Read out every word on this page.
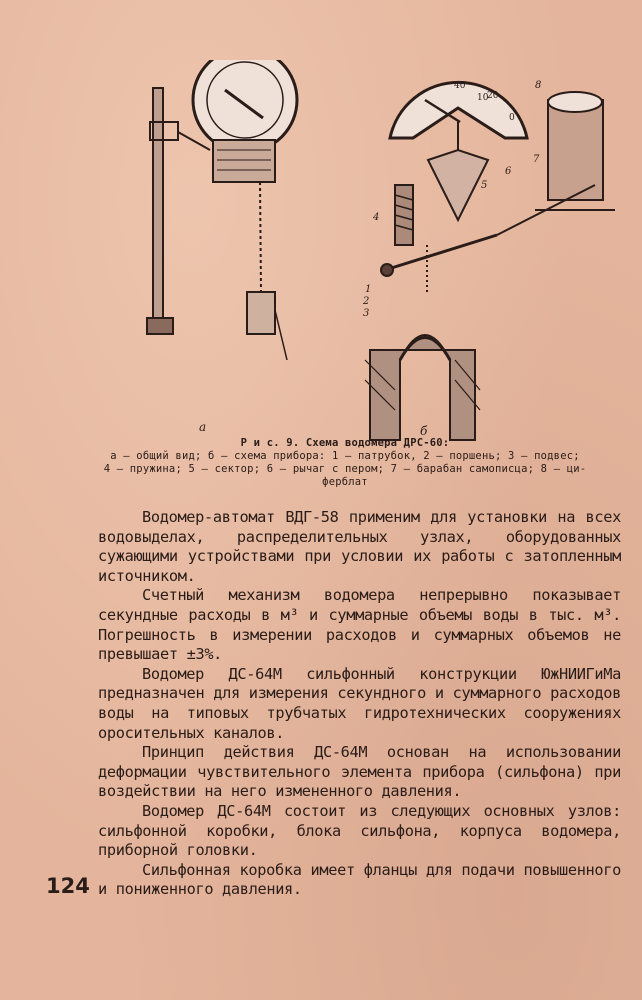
10
40
20
0
1
2
3
4
5
6
7
8
а	б
Р и с. 9. Схема водомера ДРС-60:
а — общий вид; б — схема прибора: 1 — патрубок, 2 — поршень; 3 — подвес;
4 — пружина; 5 — сектор; 6 — рычаг с пером; 7 — барабан самописца; 8 — ци-
ферблат

Водомер-автомат ВДГ-58 применим для установки на всех водовыделах, распределительных узлах, оборудованных сужающими устройствами при условии их работы с затопленным источником.

Счетный механизм водомера непрерывно показывает секундные расходы в м³ и суммарные объемы воды в тыс. м³. Погрешность в измерении расходов и суммарных объемов не превышает ±3%.

Водомер ДС-64М сильфонный конструкции ЮжНИИГиМа предназначен для измерения секундного и суммарного расходов воды на типовых трубчатых гидротехнических сооружениях оросительных каналов.

Принцип действия ДС-64М основан на использовании деформации чувствительного элемента прибора (сильфона) при воздействии на него измененного давления.

Водомер ДС-64М состоит из следующих основных узлов: сильфонной коробки, блока сильфона, корпуса водомера, приборной головки.

Сильфонная коробка имеет фланцы для подачи повышенного и пониженного давления.

124
